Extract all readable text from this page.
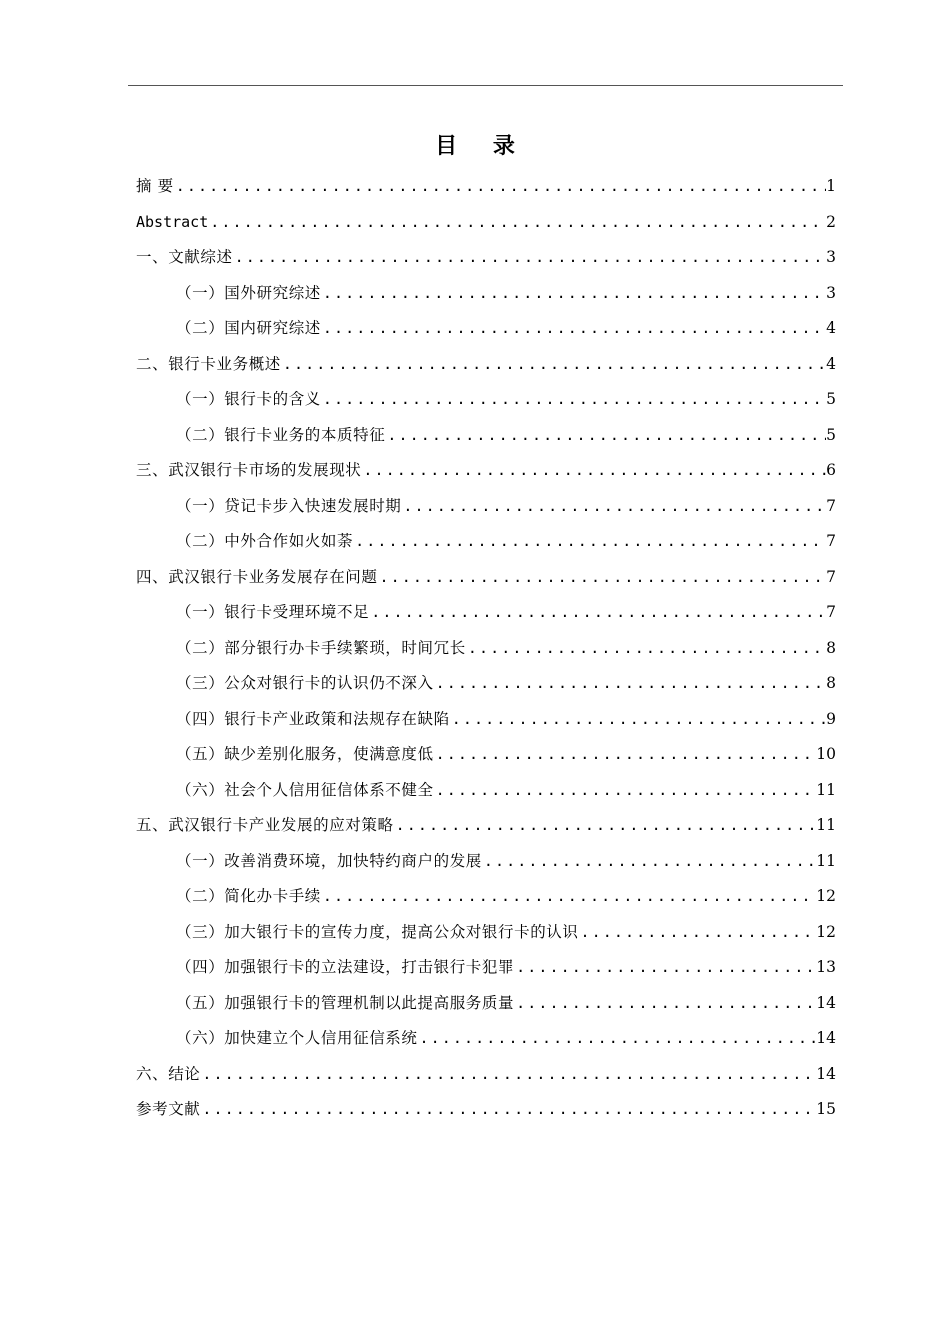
目 录
摘 要 .....	1
Abstract .....	2
一、文献综述 .....	3
（一）国外研究综述 .....	3
（二）国内研究综述 .....	4
二、银行卡业务概述 .....	4
（一）银行卡的含义 .....	5
（二）银行卡业务的本质特征 .....	5
三、武汉银行卡市场的发展现状 .....	6
（一）贷记卡步入快速发展时期 .....	7
（二）中外合作如火如荼 .....	7
四、武汉银行卡业务发展存在问题 .....	7
（一）银行卡受理环境不足 .....	7
（二）部分银行办卡手续繁琐，时间冗长 .....	8
（三）公众对银行卡的认识仍不深入 .....	8
（四）银行卡产业政策和法规存在缺陷 .....	9
（五）缺少差别化服务，使满意度低 .....	10
（六）社会个人信用征信体系不健全 .....	11
五、武汉银行卡产业发展的应对策略 .....	11
（一）改善消费环境，加快特约商户的发展 .....	11
（二）简化办卡手续 .....	12
（三）加大银行卡的宣传力度，提高公众对银行卡的认识 .....	12
（四）加强银行卡的立法建设，打击银行卡犯罪 .....	13
（五）加强银行卡的管理机制以此提高服务质量 .....	14
（六）加快建立个人信用征信系统 .....	14
六、结论 .....	14
参考文献 .....	15
